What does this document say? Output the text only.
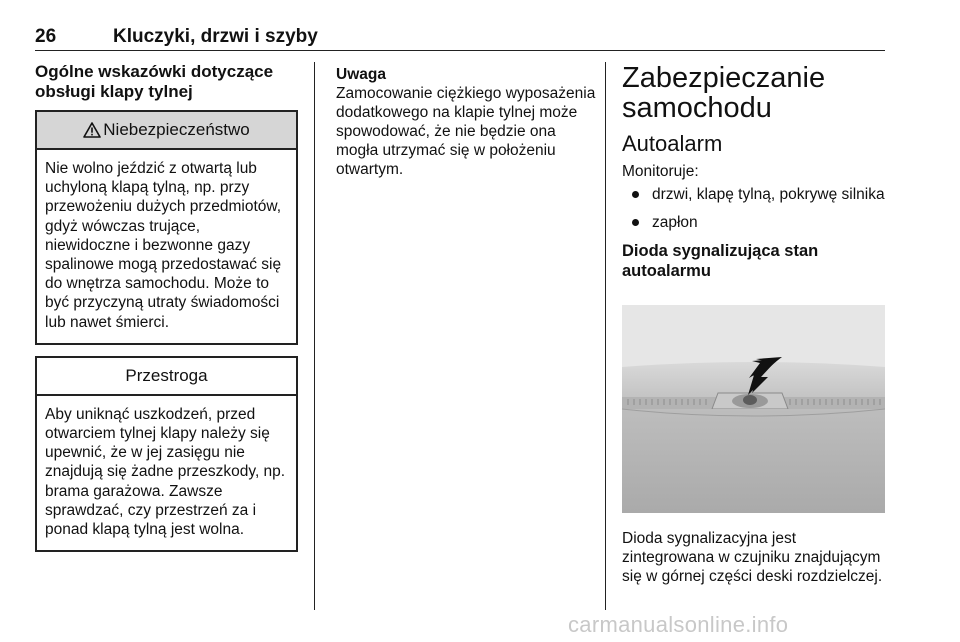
26	Kluczyki, drzwi i szyby
Ogólne wskazówki dotyczące obsługi klapy tylnej
Niebezpieczeństwo
Nie wolno jeździć z otwartą lub uchyloną klapą tylną, np. przy przewożeniu dużych przedmiotów, gdyż wówczas trujące, niewidoczne i bezwonne gazy spalinowe mogą przedostawać się do wnętrza samochodu. Może to być przyczyną utraty świadomości lub nawet śmierci.
Przestroga
Aby uniknąć uszkodzeń, przed otwarciem tylnej klapy należy się upewnić, że w jej zasięgu nie znajdują się żadne przeszkody, np. brama garażowa. Zawsze sprawdzać, czy przestrzeń za i ponad klapą tylną jest wolna.
Uwaga
Zamocowanie ciężkiego wyposażenia dodatkowego na klapie tylnej może spowodować, że nie będzie ona mogła utrzymać się w położeniu otwartym.
Zabezpieczanie samochodu
Autoalarm
Monitoruje:
drzwi, klapę tylną, pokrywę silnika
zapłon
Dioda sygnalizująca stan autoalarmu
Dioda sygnalizacyjna jest zintegrowana w czujniku znajdującym się w górnej części deski rozdzielczej.
carmanualsonline.info
